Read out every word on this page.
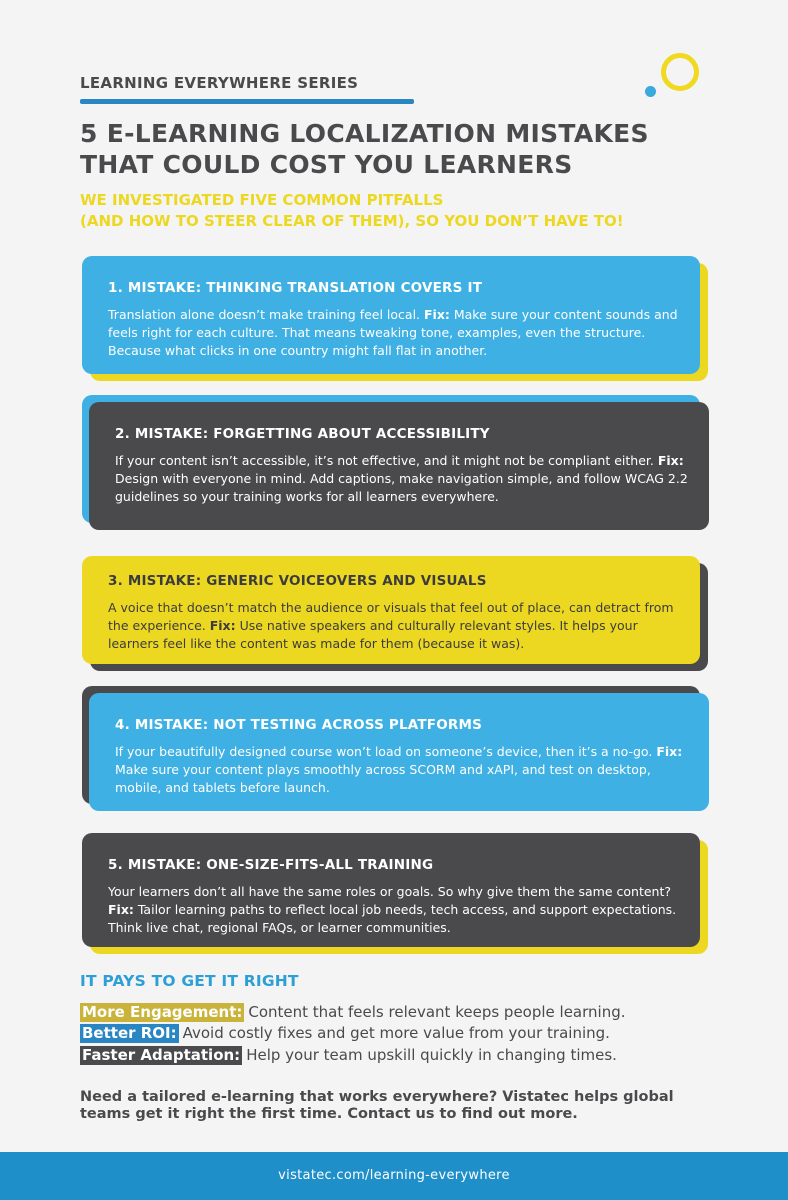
LEARNING EVERYWHERE SERIES
5 E-LEARNING LOCALIZATION MISTAKES
THAT COULD COST YOU LEARNERS
WE INVESTIGATED FIVE COMMON PITFALLS
(AND HOW TO STEER CLEAR OF THEM), SO YOU DON’T HAVE TO!
1. MISTAKE: THINKING TRANSLATION COVERS IT
Translation alone doesn’t make training feel local. Fix: Make sure your content sounds and feels right for each culture. That means tweaking tone, examples, even the structure. Because what clicks in one country might fall flat in another.
2. MISTAKE: FORGETTING ABOUT ACCESSIBILITY
If your content isn’t accessible, it’s not effective, and it might not be compliant either. Fix: Design with everyone in mind. Add captions, make navigation simple, and follow WCAG 2.2 guidelines so your training works for all learners everywhere.
3. MISTAKE: GENERIC VOICEOVERS AND VISUALS
A voice that doesn’t match the audience or visuals that feel out of place, can detract from the experience. Fix: Use native speakers and culturally relevant styles. It helps your learners feel like the content was made for them (because it was).
4. MISTAKE: NOT TESTING ACROSS PLATFORMS
If your beautifully designed course won’t load on someone’s device, then it’s a no-go. Fix: Make sure your content plays smoothly across SCORM and xAPI, and test on desktop, mobile, and tablets before launch.
5. MISTAKE: ONE-SIZE-FITS-ALL TRAINING
Your learners don’t all have the same roles or goals. So why give them the same content? Fix: Tailor learning paths to reflect local job needs, tech access, and support expectations. Think live chat, regional FAQs, or learner communities.
IT PAYS TO GET IT RIGHT
More Engagement: Content that feels relevant keeps people learning.
Better ROI: Avoid costly fixes and get more value from your training.
Faster Adaptation: Help your team upskill quickly in changing times.
Need a tailored e-learning that works everywhere? Vistatec helps global teams get it right the first time. Contact us to find out more.
vistatec.com/learning-everywhere
